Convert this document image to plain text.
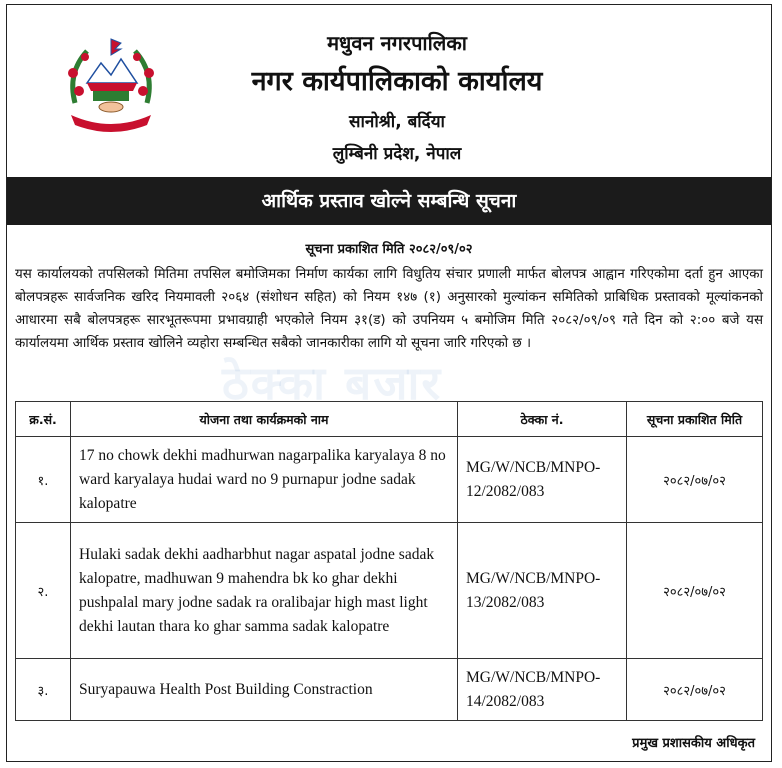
मधुवन नगरपालिका
नगर कार्यपालिकाको कार्यालय
सानोश्री, बर्दिया
लुम्बिनी प्रदेश, नेपाल
आर्थिक प्रस्ताव खोल्ने सम्बन्धि सूचना
सूचना प्रकाशित मिति २०८२/०९/०२
ठेक्का बजार
यस कार्यालयको तपसिलको मितिमा तपसिल बमोजिमका निर्माण कार्यका लागि विधुतिय संचार प्रणाली मार्फत बोलपत्र आह्वान गरिएकोमा दर्ता हुन आएका बोलपत्रहरू सार्वजनिक खरिद नियमावली २०६४ (संशोधन सहित) को नियम १४७ (१) अनुसारको मुल्यांकन समितिको प्राबिधिक प्रस्तावको मूल्यांकनको आधारमा सबै बोलपत्रहरू सारभूतरूपमा प्रभावग्राही भएकोले नियम ३१(ड) को उपनियम ५ बमोजिम मिति २०८२/०९/०९ गते दिन को २:०० बजे यस कार्यालयमा आर्थिक प्रस्ताव खोलिने व्यहोरा सम्बन्धित सबैको जानकारीका लागि यो सूचना जारि गरिएको छ ।
क्र.सं.	योजना तथा कार्यक्रमको नाम	ठेक्का नं.	सूचना प्रकाशित मिति
१.	17 no chowk dekhi madhurwan nagarpalika karyalaya 8 no ward karyalaya hudai ward no 9 purnapur jodne sadak kalopatre	MG/W/NCB/MNPO-12/2082/083	२०८२/०७/०२
२.	Hulaki sadak dekhi aadharbhut nagar aspatal jodne sadak kalopatre, madhuwan 9 mahendra bk ko ghar dekhi pushpalal mary jodne sadak ra oralibajar high mast light dekhi lautan thara ko ghar samma sadak kalopatre	MG/W/NCB/MNPO-13/2082/083	२०८२/०७/०२
३.	Suryapauwa Health Post Building Constraction	MG/W/NCB/MNPO-14/2082/083	२०८२/०७/०२
प्रमुख प्रशासकीय अधिकृत
